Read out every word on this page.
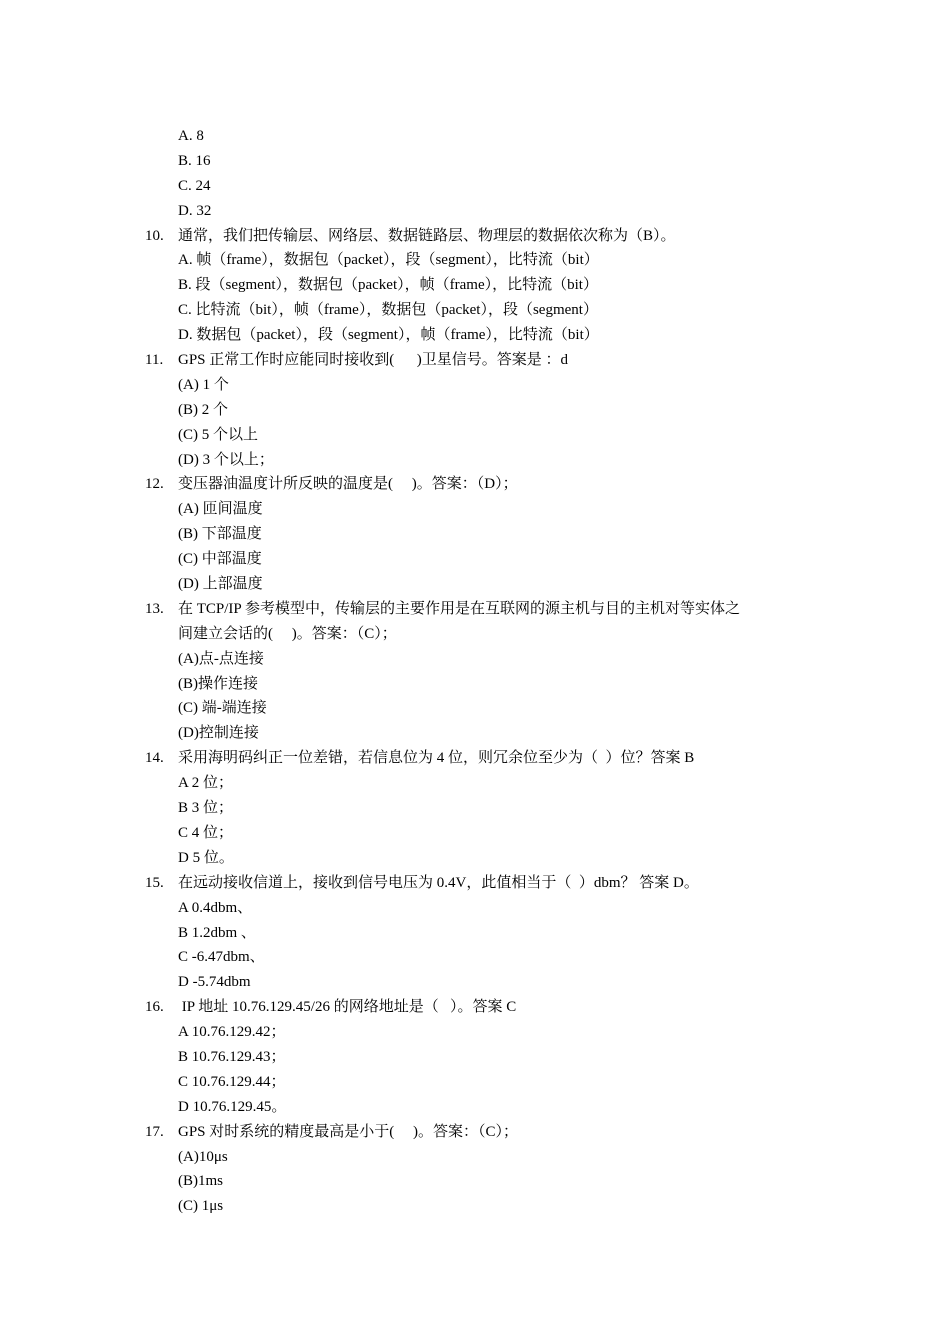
A. 8
B. 16
C. 24
D. 32
10. 通常，我们把传输层、网络层、数据链路层、物理层的数据依次称为（B）。
A. 帧（frame），数据包（packet），段（segment），比特流（bit）
B. 段（segment），数据包（packet），帧（frame），比特流（bit）
C. 比特流（bit），帧（frame），数据包（packet），段（segment）
D. 数据包（packet），段（segment），帧（frame），比特流（bit）
11. GPS 正常工作时应能同时接收到(      )卫星信号。答案是 ：d
(A) 1 个
(B) 2 个
(C) 5 个以上
(D) 3 个以上；
12. 变压器油温度计所反映的温度是(     )。答案：（D）；
(A) 匝间温度
(B) 下部温度
(C) 中部温度
(D) 上部温度
13. 在 TCP/IP 参考模型中，传输层的主要作用是在互联网的源主机与目的主机对等实体之
间建立会话的(     )。答案：（C）；
(A)点-点连接
(B)操作连接
(C) 端-端连接
(D)控制连接
14. 采用海明码纠正一位差错，若信息位为 4 位，则冗余位至少为（  ）位？答案 B
A 2 位；
B 3 位；
C 4 位；
D 5 位。
15. 在远动接收信道上，接收到信号电压为 0.4V，此值相当于（  ）dbm？ 答案 D。
A 0.4dbm、
B 1.2dbm 、
C -6.47dbm、
D -5.74dbm
16. IP 地址 10.76.129.45/26 的网络地址是（   ）。答案 C
A 10.76.129.42；
B 10.76.129.43；
C 10.76.129.44；
D 10.76.129.45。
17. GPS 对时系统的精度最高是小于(     )。答案：（C）；
(A)10μs
(B)1ms
(C) 1μs
